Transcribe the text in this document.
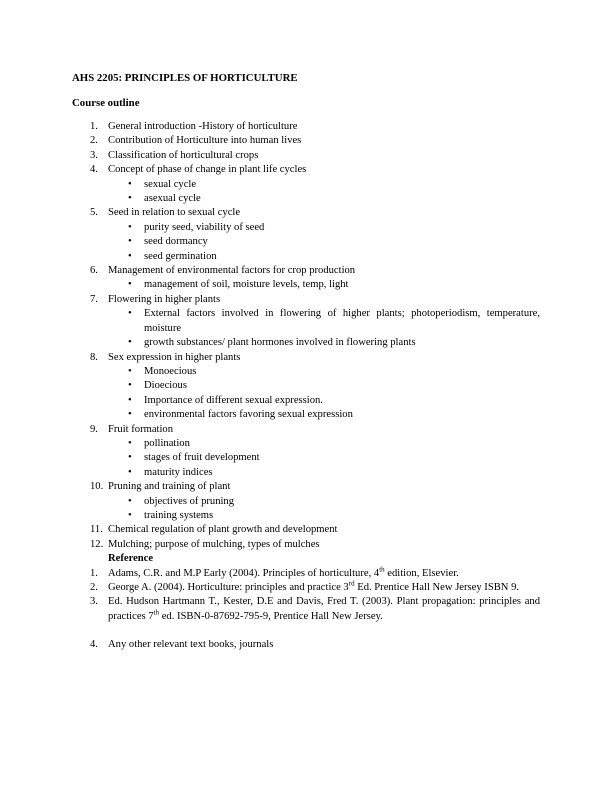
AHS 2205: PRINCIPLES OF HORTICULTURE
Course outline
1. General introduction -History of horticulture
2. Contribution of Horticulture into human lives
3. Classification of horticultural crops
4. Concept of phase of change in plant life cycles
• sexual cycle
• asexual cycle
5. Seed in relation to sexual cycle
• purity seed, viability of seed
• seed dormancy
• seed germination
6. Management of environmental factors for crop production
• management of soil, moisture levels, temp, light
7. Flowering in higher plants
• External factors involved in flowering of higher plants; photoperiodism, temperature, moisture
• growth substances/ plant hormones involved in flowering plants
8. Sex expression in higher plants
• Monoecious
• Dioecious
• Importance of different sexual expression.
• environmental factors favoring sexual expression
9. Fruit formation
• pollination
• stages of fruit development
• maturity indices
10. Pruning and training of plant
• objectives of pruning
• training systems
11. Chemical regulation of plant growth and development
12. Mulching; purpose of mulching, types of mulches
Reference
1. Adams, C.R. and M.P Early (2004). Principles of horticulture, 4th edition, Elsevier.
2. George A. (2004). Horticulture: principles and practice 3rd Ed. Prentice Hall New Jersey ISBN 9.
3. Ed. Hudson Hartmann T., Kester, D.E and Davis, Fred T. (2003). Plant propagation: principles and practices 7th ed. ISBN-0-87692-795-9, Prentice Hall New Jersey.
4. Any other relevant text books, journals
